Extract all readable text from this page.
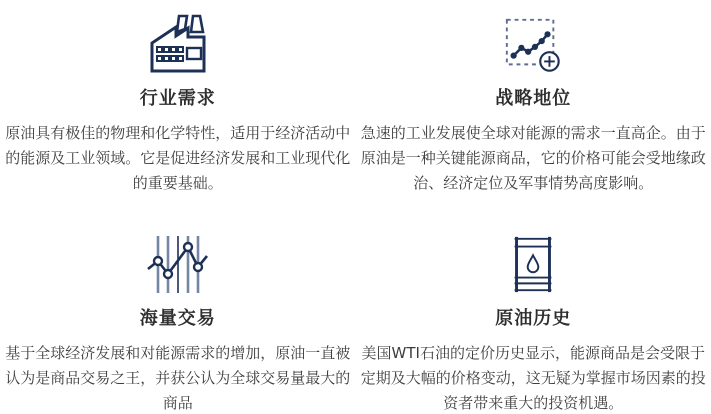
行业需求

原油具有极佳的物理和化学特性，适用于经济活动中的能源及工业领域。它是促进经济发展和工业现代化的重要基础。

战略地位

急速的工业发展使全球对能源的需求一直高企。由于原油是一种关键能源商品，它的价格可能会受地缘政治、经济定位及军事情势高度影响。

海量交易

基于全球经济发展和对能源需求的增加，原油一直被认为是商品交易之王，并获公认为全球交易量最大的商品

原油历史

美国WTI石油的定价历史显示，能源商品是会受限于定期及大幅的价格变动，这无疑为掌握市场因素的投资者带来重大的投资机遇。
